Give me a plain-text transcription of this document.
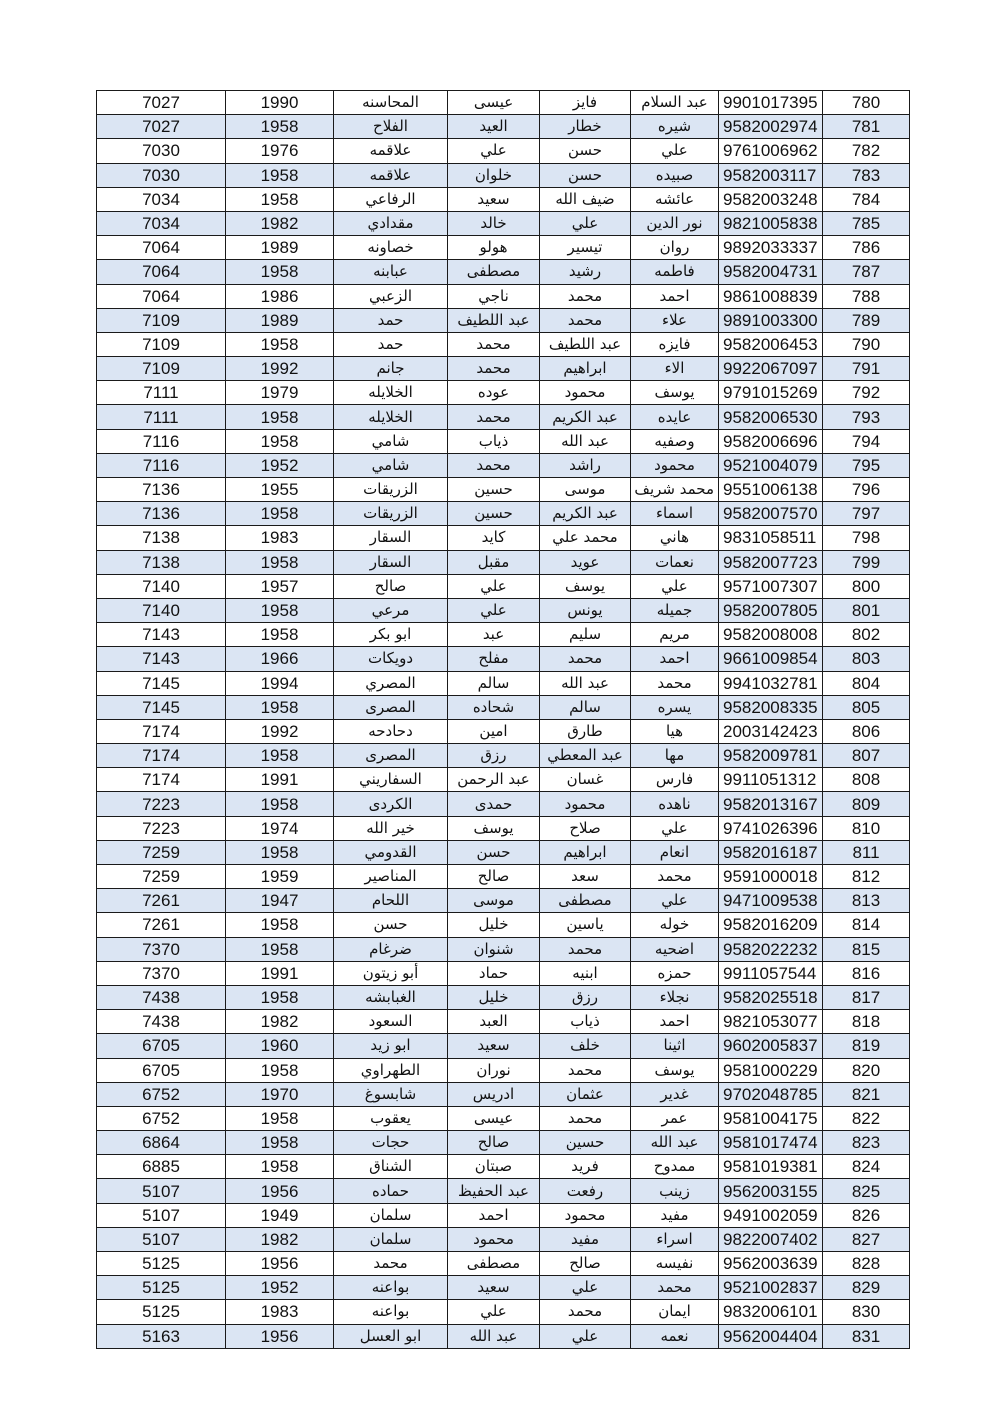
7027	1990	المحاسنه	عيسى	فايز	عبد السلام	9901017395	780
7027	1958	الفلاح	العيد	خطار	شيره	9582002974	781
7030	1976	علاقمه	علي	حسن	علي	9761006962	782
7030	1958	علاقمه	خلوان	حسن	صبيده	9582003117	783
7034	1958	الرفاعي	سعيد	ضيف الله	عائشه	9582003248	784
7034	1982	مقدادي	خالد	علي	نور الدين	9821005838	785
7064	1989	خصاونه	هولو	تيسير	روان	9892033337	786
7064	1958	عبابنه	مصطفى	رشيد	فاطمه	9582004731	787
7064	1986	الزعبي	ناجي	محمد	احمد	9861008839	788
7109	1989	حمد	عبد اللطيف	محمد	علاء	9891003300	789
7109	1958	حمد	محمد	عبد اللطيف	فايزه	9582006453	790
7109	1992	جانم	محمد	ابراهيم	الاء	9922067097	791
7111	1979	الخلايله	عوده	محمود	يوسف	9791015269	792
7111	1958	الخلايله	محمد	عبد الكريم	عايده	9582006530	793
7116	1958	شامي	ذياب	عبد الله	وصفيه	9582006696	794
7116	1952	شامي	محمد	راشد	محمود	9521004079	795
7136	1955	الزريقات	حسين	موسى	محمد شريف	9551006138	796
7136	1958	الزريقات	حسين	عبد الكريم	اسماء	9582007570	797
7138	1983	السقار	كايد	محمد علي	هاني	9831058511	798
7138	1958	السقار	مقبل	عويد	نعمات	9582007723	799
7140	1957	صالح	علي	يوسف	علي	9571007307	800
7140	1958	مرعي	علي	يونس	جميله	9582007805	801
7143	1958	ابو بكر	عبد	سليم	مريم	9582008008	802
7143	1966	دويكات	مفلح	محمد	احمد	9661009854	803
7145	1994	المصري	سالم	عبد الله	محمد	9941032781	804
7145	1958	المصرى	شحاده	سالم	يسره	9582008335	805
7174	1992	دحادحه	امين	طارق	هيا	2003142423	806
7174	1958	المصرى	رزق	عبد المعطي	مها	9582009781	807
7174	1991	السفاريني	عبد الرحمن	غسان	فارس	9911051312	808
7223	1958	الكردى	حمدى	محمود	ناهده	9582013167	809
7223	1974	خير الله	يوسف	صلاح	علي	9741026396	810
7259	1958	القدومي	حسن	ابراهيم	انعام	9582016187	811
7259	1959	المناصير	صالح	سعد	محمد	9591000018	812
7261	1947	اللحام	موسى	مصطفى	علي	9471009538	813
7261	1958	حسن	خليل	ياسين	خوله	9582016209	814
7370	1958	ضرغام	شنوان	محمد	اضحيه	9582022232	815
7370	1991	أبو زيتون	حماد	ابنيه	حمزه	9911057544	816
7438	1958	الغبابشه	خليل	رزق	نجلاء	9582025518	817
7438	1982	السعود	العبد	ذياب	احمد	9821053077	818
6705	1960	ابو زيد	سعيد	خلف	اثينا	9602005837	819
6705	1958	الطهراوي	نوران	محمد	يوسف	9581000229	820
6752	1970	شابسوغ	ادريس	عثمان	غدير	9702048785	821
6752	1958	يعقوب	عيسى	محمد	عمر	9581004175	822
6864	1958	حجات	صالح	حسين	عبد الله	9581017474	823
6885	1958	الشناق	صبتان	فريد	ممدوح	9581019381	824
5107	1956	حماده	عبد الحفيظ	رفعت	زينب	9562003155	825
5107	1949	سلمان	احمد	محمود	مفيد	9491002059	826
5107	1982	سلمان	محمود	مفيد	اسراء	9822007402	827
5125	1956	محمد	مصطفى	صالح	نفيسه	9562003639	828
5125	1952	بواعنه	سعيد	علي	محمد	9521002837	829
5125	1983	بواعنه	علي	محمد	ايمان	9832006101	830
5163	1956	ابو العسل	عبد الله	علي	نعمه	9562004404	831
